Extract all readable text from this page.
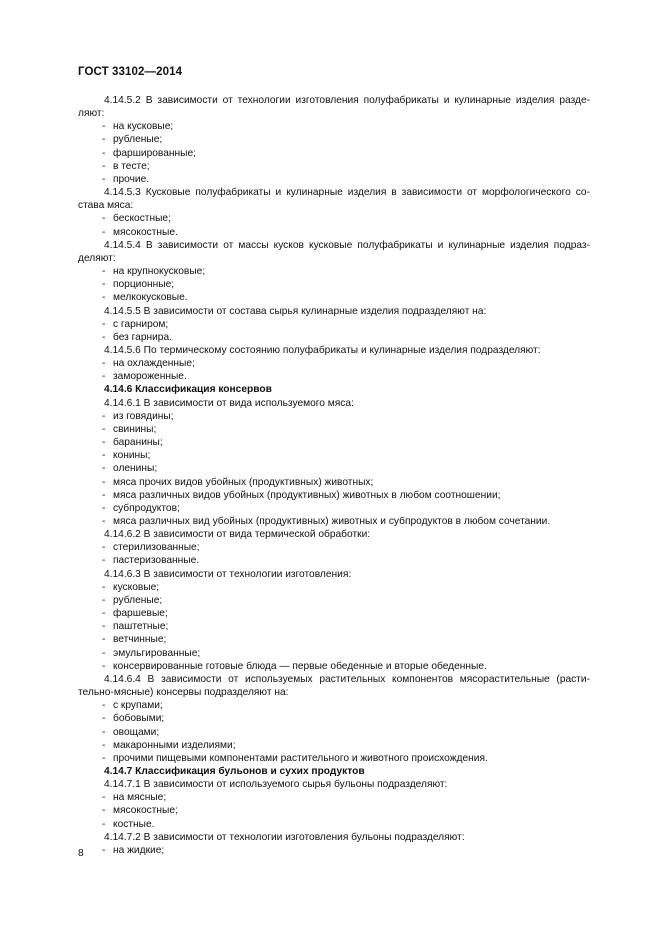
ГОСТ 33102—2014
4.14.5.2 В зависимости от технологии изготовления полуфабрикаты и кулинарные изделия разде-
ляют:
- на кусковые;
- рубленые;
- фаршированные;
- в тесте;
- прочие.
4.14.5.3 Кусковые полуфабрикаты и кулинарные изделия в зависимости от морфологического со-
става мяса:
- бескостные;
- мясокостные.
4.14.5.4 В зависимости от массы кусков кусковые полуфабрикаты и кулинарные изделия подраз-
деляют:
- на крупнокусковые;
- порционные;
- мелкокусковые.
4.14.5.5 В зависимости от состава сырья кулинарные изделия подразделяют на:
- с гарниром;
- без гарнира.
4.14.5.6 По термическому состоянию полуфабрикаты и кулинарные изделия подразделяют:
- на охлажденные;
- замороженные.
4.14.6 Классификация консервов
4.14.6.1 В зависимости от вида используемого мяса:
- из говядины;
- свинины;
- баранины;
- конины;
- оленины;
- мяса прочих видов убойных (продуктивных) животных;
- мяса различных видов убойных (продуктивных) животных в любом соотношении;
- субпродуктов;
- мяса различных вид убойных (продуктивных) животных и субпродуктов в любом сочетании.
4.14.6.2 В зависимости от вида термической обработки:
- стерилизованные;
- пастеризованные.
4.14.6.3 В зависимости от технологии изготовления:
- кусковые;
- рубленые;
- фаршевые;
- паштетные;
- ветчинные;
- эмульгированные;
- консервированные готовые блюда — первые обеденные и вторые обеденные.
4.14.6.4 В зависимости от используемых растительных компонентов мясорастительные (расти-
тельно-мясные) консервы подразделяют на:
- с крупами;
- бобовыми;
- овощами;
- макаронными изделиями;
- прочими пищевыми компонентами растительного и животного происхождения.
4.14.7 Классификация бульонов и сухих продуктов
4.14.7.1 В зависимости от используемого сырья бульоны подразделяют:
- на мясные;
- мясокостные;
- костные.
4.14.7.2 В зависимости от технологии изготовления бульоны подразделяют:
- на жидкие;
8
